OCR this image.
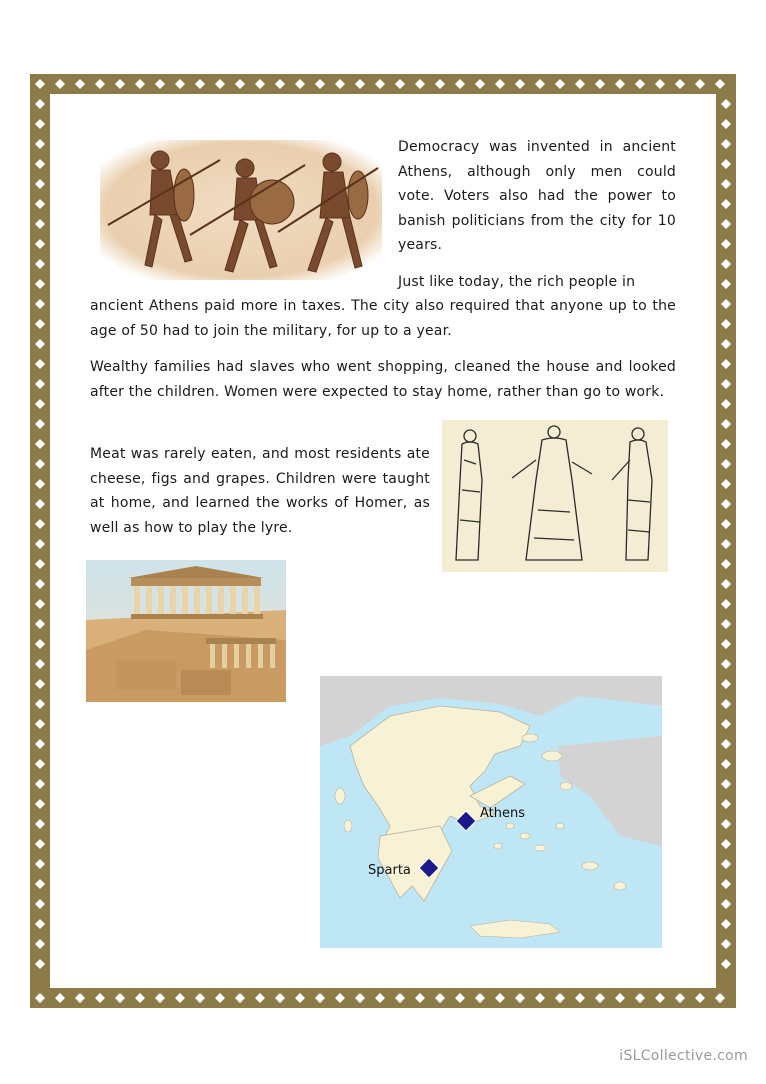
Democracy was invented in ancient Athens, although only men could vote. Voters also had the power to banish politicians from the city for 10 years.

Just like today, the rich people in

ancient Athens paid more in taxes. The city also required that anyone up to the age of 50 had to join the military, for up to a year.

Wealthy families had slaves who went shopping, cleaned the house and looked after the children. Women were expected to stay home, rather than go to work.

Meat was rarely eaten, and most residents ate cheese, figs and grapes. Children were taught at home, and learned the works of Homer, as well as how to play the lyre.

Athens
Sparta
iSLCollective.com
